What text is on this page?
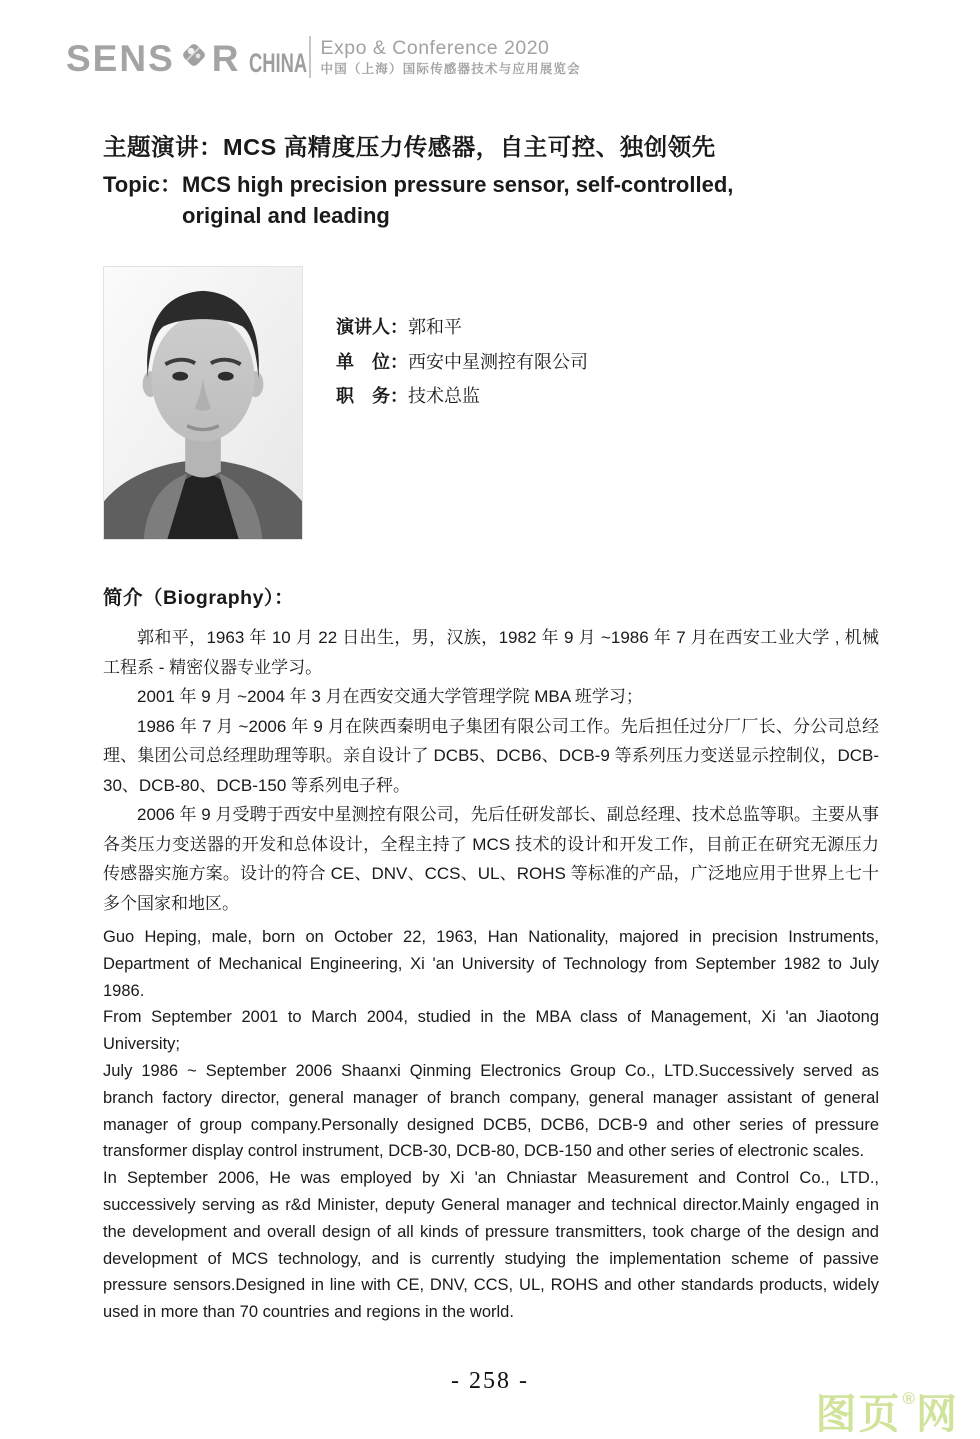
SENS R CHINA
Expo & Conference 2020
中国（上海）国际传感器技术与应用展览会
主题演讲：MCS 高精度压力传感器，自主可控、独创领先
Topic： MCS high precision pressure sensor, self-controlled,
original and leading
演讲人：郭和平
单　位：西安中星测控有限公司
职　务：技术总监
简介（Biography）：

郭和平，1963 年 10 月 22 日出生，男，汉族，1982 年 9 月 ~1986 年 7 月在西安工业大学 , 机械工程系 - 精密仪器专业学习。

2001 年 9 月 ~2004 年 3 月在西安交通大学管理学院 MBA 班学习；

1986 年 7 月 ~2006 年 9 月在陕西秦明电子集团有限公司工作。先后担任过分厂厂长、分公司总经理、集团公司总经理助理等职。亲自设计了 DCB5、DCB6、DCB-9 等系列压力变送显示控制仪，DCB-30、DCB-80、DCB-150 等系列电子秤。

2006 年 9 月受聘于西安中星测控有限公司，先后任研发部长、副总经理、技术总监等职。主要从事各类压力变送器的开发和总体设计，全程主持了 MCS 技术的设计和开发工作，目前正在研究无源压力传感器实施方案。设计的符合 CE、DNV、CCS、UL、ROHS 等标准的产品，广泛地应用于世界上七十多个国家和地区。

Guo Heping, male, born on October 22, 1963, Han Nationality, majored in precision Instruments, Department of Mechanical Engineering, Xi 'an University of Technology from September 1982 to July 1986.

From September 2001 to March 2004, studied in the MBA class of Management, Xi 'an Jiaotong University;

July 1986 ~ September 2006 Shaanxi Qinming Electronics Group Co., LTD.Successively served as branch factory director, general manager of branch company, general manager assistant of general manager of group company.Personally designed DCB5, DCB6, DCB-9 and other series of pressure transformer display control instrument, DCB-30, DCB-80, DCB-150 and other series of electronic scales.

In September 2006, He was employed by Xi 'an Chniastar Measurement and Control Co., LTD., successively serving as r&d Minister, deputy General manager and technical director.Mainly engaged in the development and overall design of all kinds of pressure transmitters, took charge of the design and development of MCS technology, and is currently studying the implementation scheme of passive pressure sensors.Designed in line with CE, DNV, CCS, UL, ROHS and other standards products, widely used in more than 70 countries and regions in the world.

- 258 -
图页®网
